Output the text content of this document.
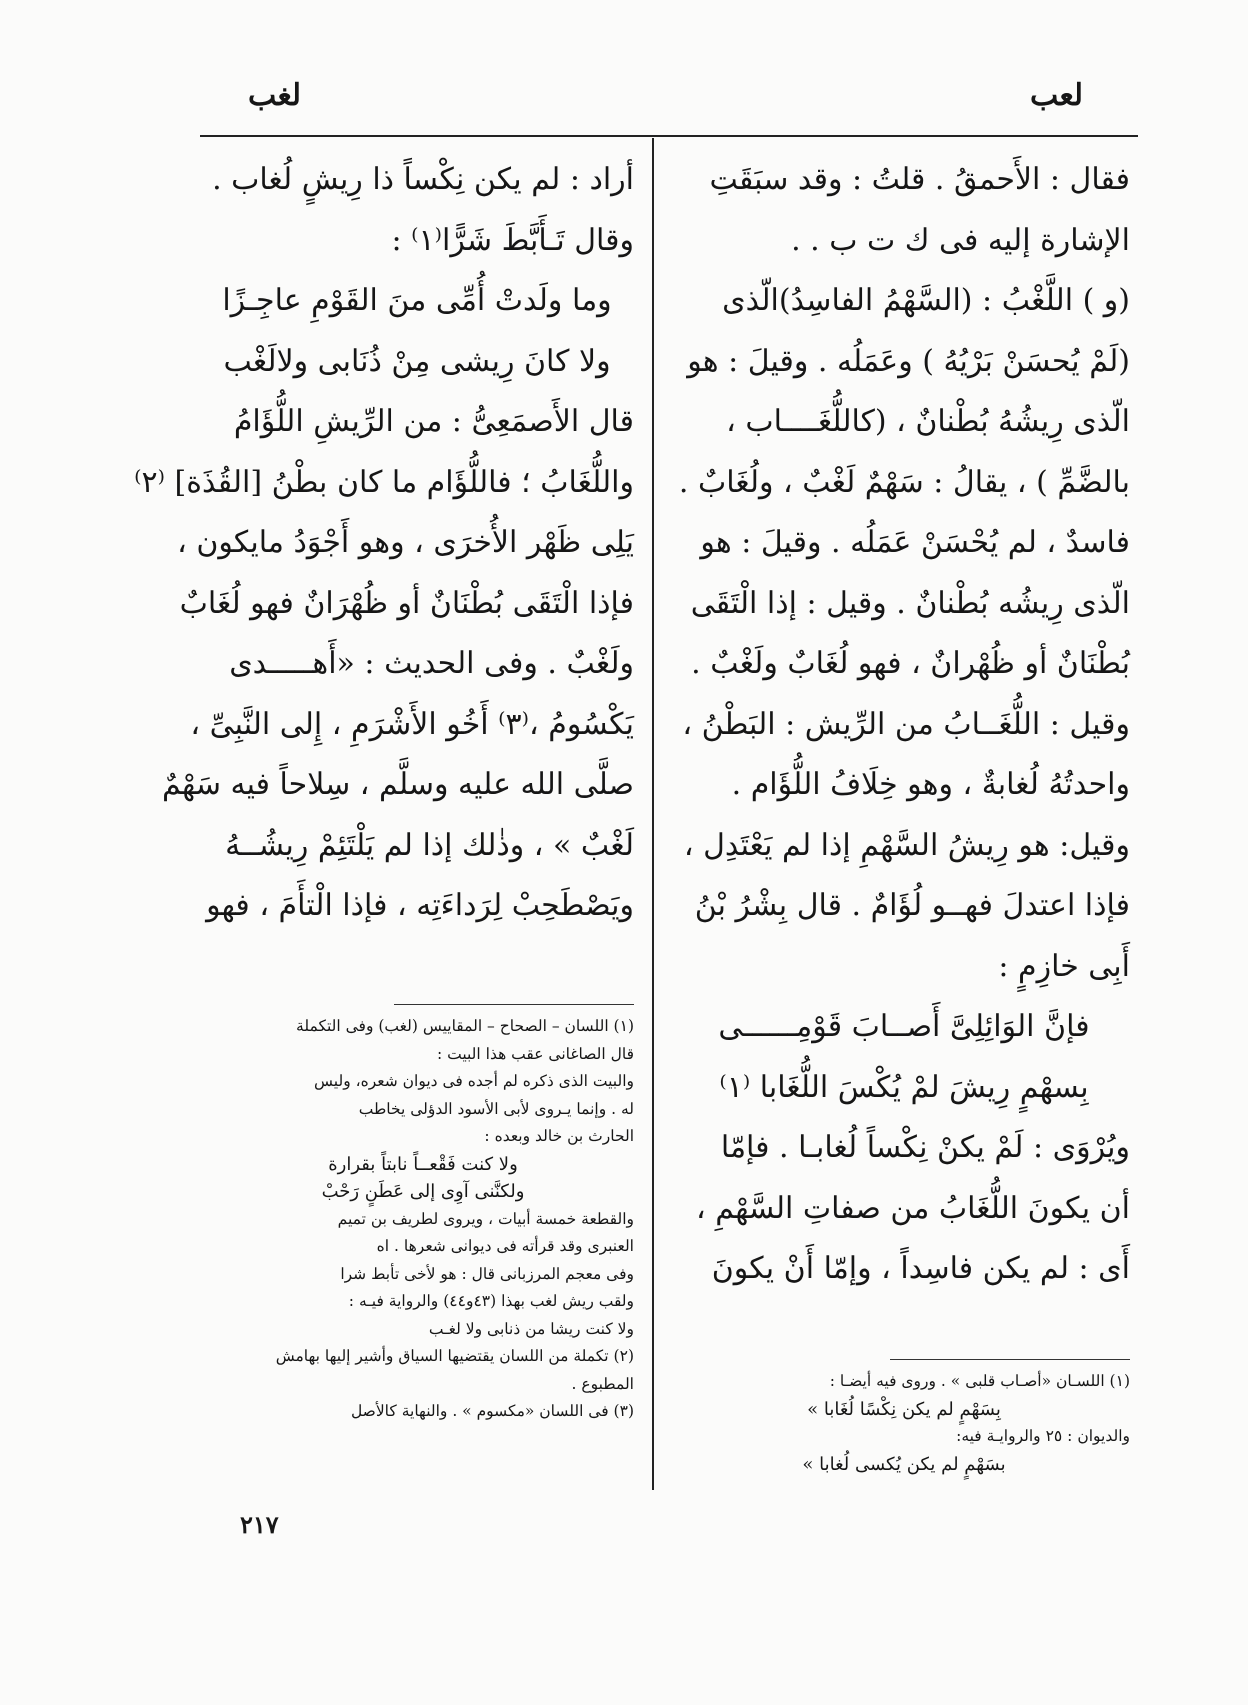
لعب
لغب
فقال : الأَحمقُ . قلتُ : وقد سبَقَتِ
الإشارة إليه فى ك ت ب . .
(و ) اللَّغْبُ : (السَّهْمُ الفاسِدُ)الّذى
(لَمْ يُحسَنْ بَرْيُهُ ) وعَمَلُه . وقيلَ : هو
الّذى رِيشُهُ بُطْنانٌ ، (كاللُّغَــــاب ،
بالضَّمِّ ) ، يقالُ : سَهْمٌ لَغْبٌ ، ولُغَابٌ .
فاسدٌ ، لم يُحْسَنْ عَمَلُه . وقيلَ : هو
الّذى رِيشُه بُطْنانٌ . وقيل : إذا الْتَقَى
بُطْنَانٌ أو ظُهْرانٌ ، فهو لُغَابٌ ولَغْبٌ .
وقيل : اللُّغَــابُ من الرِّيش : البَطْنُ ،
واحدتُهُ لُغابةٌ ، وهو خِلَافُ اللُّؤَام .
وقيل: هو رِيشُ السَّهْمِ إذا لم يَعْتَدِل ،
فإذا اعتدلَ فهــو لُؤَامٌ . قال بِشْرُ بْنُ
أَبِى خازِمٍ :
فإنَّ الوَائِلِىَّ أَصــابَ قَوْمِــــــى
بِسهْمٍ رِيشَ لمْ يُكْسَ اللُّغَابا ⁽١⁾
ويُرْوَى : لَمْ يكنْ نِكْساً لُغابـا . فإمّا
أن يكونَ اللُّغَابُ من صفاتِ السَّهْمِ ،
أَى : لم يكن فاسِداً ، وإمّا أَنْ يكونَ
أراد : لم يكن نِكْساً ذا رِيشٍ لُغاب .
وقال تَـأَبَّطَ شَرًّا⁽١⁾ :
وما ولَدتْ أُمِّى منَ القَوْمِ عاجِـزًا
ولا كانَ رِيشى مِنْ ذُنَابى ولالَغْب
قال الأَصمَعِىُّ : من الرِّيشِ اللُّؤَامُ
واللُّغَابُ ؛ فاللُّؤَام ما كان بطْنُ [القُذَة] ⁽٢⁾
يَلِى ظَهْر الأُخرَى ، وهو أَجْوَدُ مايكون ،
فإذا الْتَقَى بُطْنَانٌ أو ظُهْرَانٌ فهو لُغَابٌ
ولَغْبٌ . وفى الحديث : «أَهـــــدى
يَكْسُومُ ،⁽٣⁾ أَخُو الأَشْرَمِ ، إِلى النَّبِىِّ ،
صلَّى الله عليه وسلَّم ، سِلاحاً فيه سَهْمٌ
لَغْبٌ » ، وذٰلك إذا لم يَلْتَئِمْ رِيشُــهُ
ويَصْطَحِبْ لِرَداءَتِه ، فإذا الْتأَمَ ، فهو
(١) اللسان – الصحاح – المقاييس (لغب) وفى التكملة
قال الصاغانى عقب هذا البيت :
والبيت الذى ذكره لم أجده فى ديوان شعره، وليس
له . وإنما يـروى لأبى الأسود الدؤلى يخاطب
الحارث بن خالد وبعده :
ولا كنت فَقْعــاً نابتاً بقرارة
ولكنَّنى آوِى إلى عَطَنٍ رَحْبْ
والقطعة خمسة أبيات ، ويروى لطريف بن تميم
العنبرى وقد قرأته فى ديوانى شعرها . اه
وفى معجم المرزبانى قال : هو لأخى تأبط شرا
ولقب ريش لغب بهذا (٤٣و٤٤) والرواية فيـه :
ولا كنت ريشا من ذنابى ولا لغـب
(٢) تكملة من اللسان يقتضيها السياق وأشير إليها بهامش
المطبوع .
(٣) فى اللسان «مكسوم » . والنهاية كالأصل
(١) اللسـان «أصـاب قلبى » . وروى فيه أيضـا :
بِسَهْمٍ لم يكن نِكْسًا لُغَابا »
والديوان : ٢٥ والروايـة فيه:
بسَهْمٍ لم يكن يُكسى لُغابا »
٢١٧
